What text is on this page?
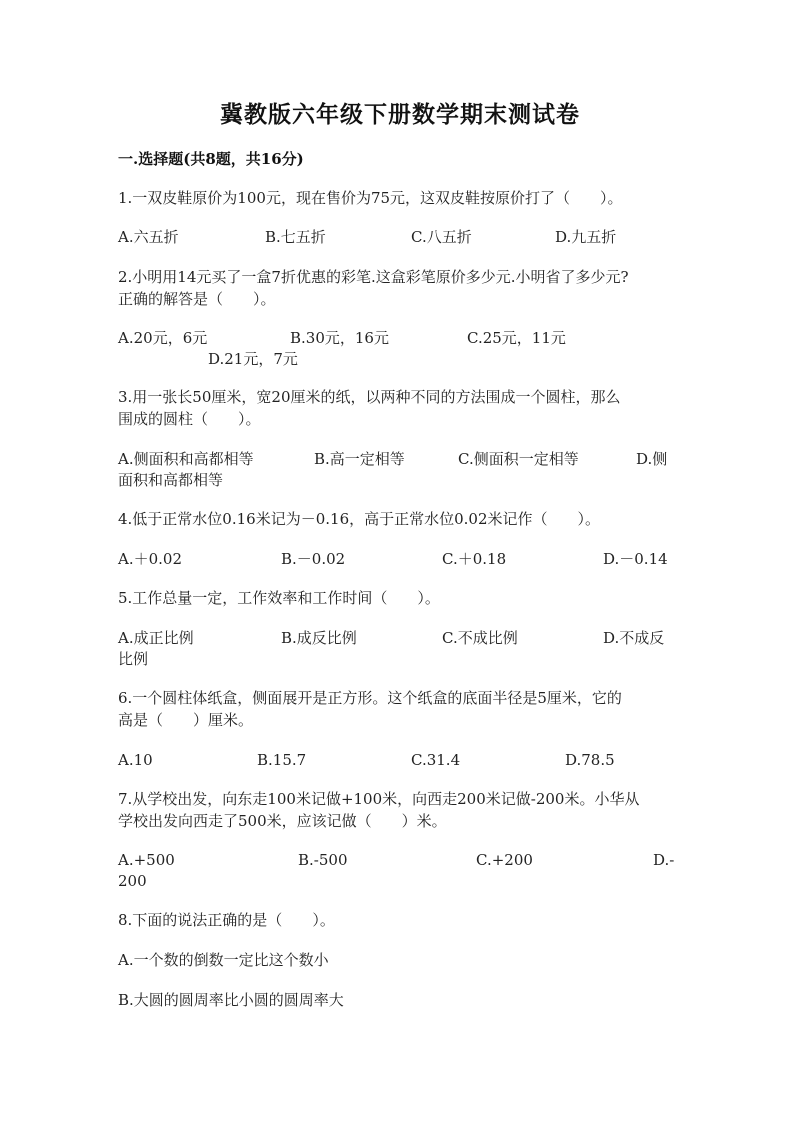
冀教版六年级下册数学期末测试卷
一.选择题(共8题，共16分)
1.一双皮鞋原价为100元，现在售价为75元，这双皮鞋按原价打了（　　）。
A.六五折	B.七五折	C.八五折	D.九五折
2.小明用14元买了一盒7折优惠的彩笔.这盒彩笔原价多少元.小明省了多少元?
正确的解答是（　　）。
A.20元，6元	B.30元，16元	C.25元，11元
D.21元，7元
3.用一张长50厘米，宽20厘米的纸，以两种不同的方法围成一个圆柱，那么
围成的圆柱（　　）。
A.侧面积和高都相等	B.高一定相等	C.侧面积一定相等	D.侧
面积和高都相等
4.低于正常水位0.16米记为－0.16，高于正常水位0.02米记作（　　）。
A.＋0.02	B.－0.02	C.＋0.18	D.－0.14
5.工作总量一定，工作效率和工作时间（　　）。
A.成正比例	B.成反比例	C.不成比例	D.不成反
比例
6.一个圆柱体纸盒，侧面展开是正方形。这个纸盒的底面半径是5厘米，它的
高是（　　）厘米。
A.10	B.15.7	C.31.4	D.78.5
7.从学校出发，向东走100米记做+100米，向西走200米记做-200米。小华从
学校出发向西走了500米，应该记做（　　）米。
A.+500	B.-500	C.+200	D.-
200
8.下面的说法正确的是（　　）。
A.一个数的倒数一定比这个数小
B.大圆的圆周率比小圆的圆周率大
